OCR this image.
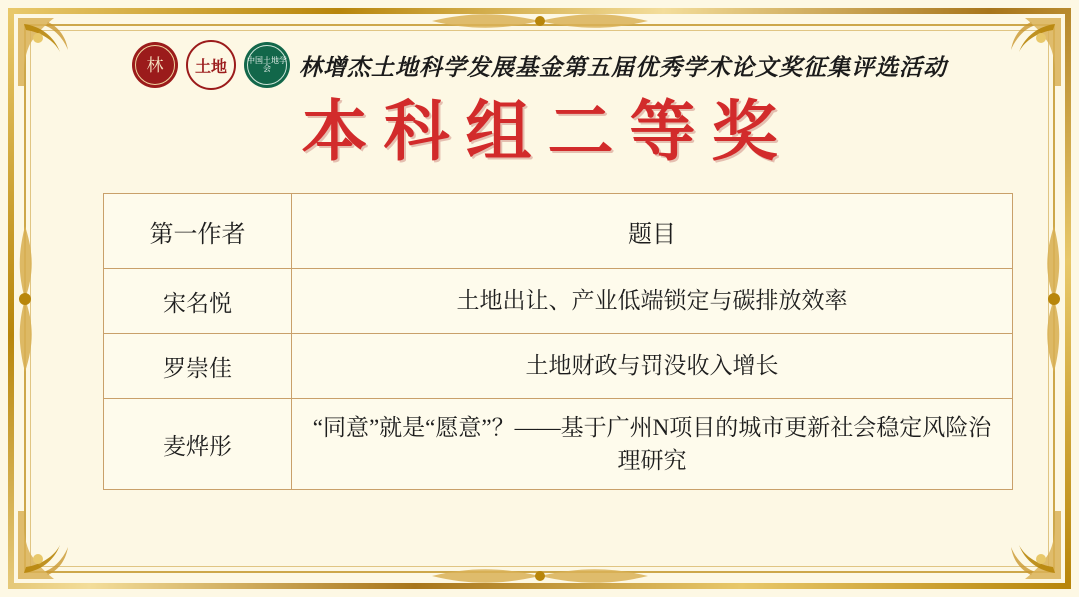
林 土地	中国土地学会	林增杰土地科学发展基金第五届优秀学术论文奖征集评选活动
本科组二等奖
第一作者	题目
宋名悦	土地出让、产业低端锁定与碳排放效率
罗崇佳	土地财政与罚没收入增长
麦烨彤	“同意”就是“愿意”？——基于广州N项目的城市更新社会稳定风险治理研究
